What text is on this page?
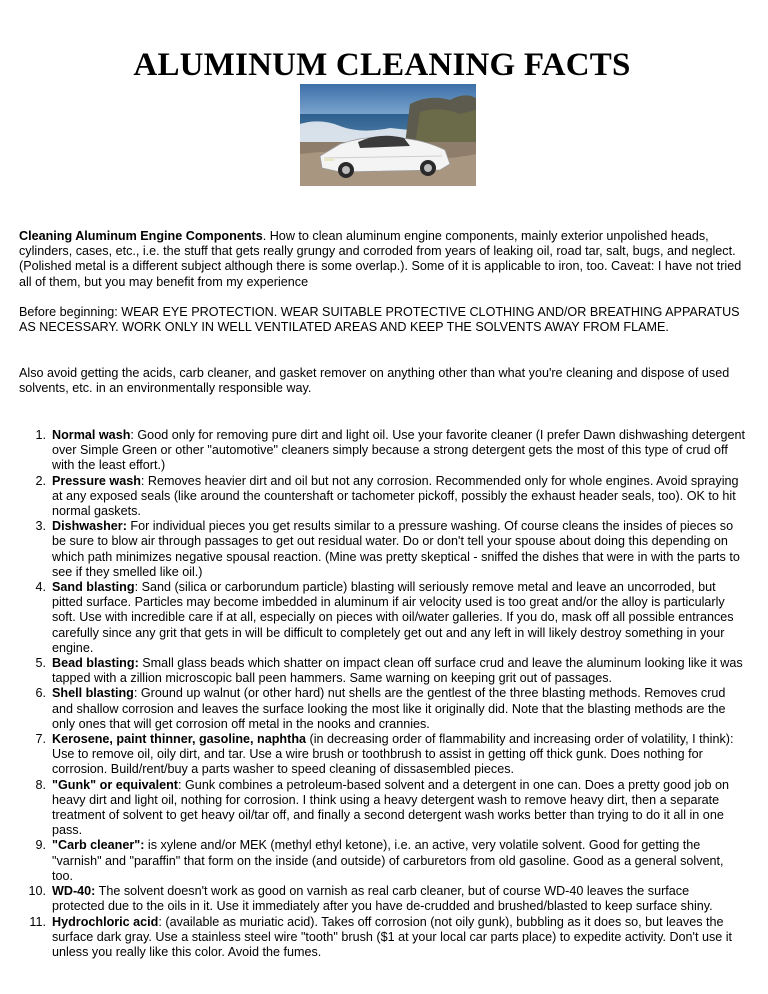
ALUMINUM CLEANING FACTS

Cleaning Aluminum Engine Components. How to clean aluminum engine components, mainly exterior unpolished heads, cylinders, cases, etc., i.e. the stuff that gets really grungy and corroded from years of leaking oil, road tar, salt, bugs, and neglect. (Polished metal is a different subject although there is some overlap.). Some of it is applicable to iron, too. Caveat: I have not tried all of them, but you may benefit from my experience

Before beginning: WEAR EYE PROTECTION. WEAR SUITABLE PROTECTIVE CLOTHING AND/OR BREATHING APPARATUS AS NECESSARY. WORK ONLY IN WELL VENTILATED AREAS AND KEEP THE SOLVENTS AWAY FROM FLAME.

Also avoid getting the acids, carb cleaner, and gasket remover on anything other than what you're cleaning and dispose of used solvents, etc. in an environmentally responsible way.

1. Normal wash: Good only for removing pure dirt and light oil. Use your favorite cleaner (I prefer Dawn dishwashing detergent over Simple Green or other "automotive" cleaners simply because a strong detergent gets the most of this type of crud off with the least effort.)
2. Pressure wash: Removes heavier dirt and oil but not any corrosion. Recommended only for whole engines. Avoid spraying at any exposed seals (like around the countershaft or tachometer pickoff, possibly the exhaust header seals, too). OK to hit normal gaskets.
3. Dishwasher: For individual pieces you get results similar to a pressure washing. Of course cleans the insides of pieces so be sure to blow air through passages to get out residual water. Do or don't tell your spouse about doing this depending on which path minimizes negative spousal reaction. (Mine was pretty skeptical - sniffed the dishes that were in with the parts to see if they smelled like oil.)
4. Sand blasting: Sand (silica or carborundum particle) blasting will seriously remove metal and leave an uncorroded, but pitted surface. Particles may become imbedded in aluminum if air velocity used is too great and/or the alloy is particularly soft. Use with incredible care if at all, especially on pieces with oil/water galleries. If you do, mask off all possible entrances carefully since any grit that gets in will be difficult to completely get out and any left in will likely destroy something in your engine.
5. Bead blasting: Small glass beads which shatter on impact clean off surface crud and leave the aluminum looking like it was tapped with a zillion microscopic ball peen hammers. Same warning on keeping grit out of passages.
6. Shell blasting: Ground up walnut (or other hard) nut shells are the gentlest of the three blasting methods. Removes crud and shallow corrosion and leaves the surface looking the most like it originally did. Note that the blasting methods are the only ones that will get corrosion off metal in the nooks and crannies.
7. Kerosene, paint thinner, gasoline, naphtha (in decreasing order of flammability and increasing order of volatility, I think): Use to remove oil, oily dirt, and tar. Use a wire brush or toothbrush to assist in getting off thick gunk. Does nothing for corrosion. Build/rent/buy a parts washer to speed cleaning of dissasembled pieces.
8. "Gunk" or equivalent: Gunk combines a petroleum-based solvent and a detergent in one can. Does a pretty good job on heavy dirt and light oil, nothing for corrosion. I think using a heavy detergent wash to remove heavy dirt, then a separate treatment of solvent to get heavy oil/tar off, and finally a second detergent wash works better than trying to do it all in one pass.
9. "Carb cleaner": is xylene and/or MEK (methyl ethyl ketone), i.e. an active, very volatile solvent. Good for getting the "varnish" and "paraffin" that form on the inside (and outside) of carburetors from old gasoline. Good as a general solvent, too.
10. WD-40: The solvent doesn't work as good on varnish as real carb cleaner, but of course WD-40 leaves the surface protected due to the oils in it. Use it immediately after you have de-crudded and brushed/blasted to keep surface shiny.
11. Hydrochloric acid: (available as muriatic acid). Takes off corrosion (not oily gunk), bubbling as it does so, but leaves the surface dark gray. Use a stainless steel wire "tooth" brush ($1 at your local car parts place) to expedite activity. Don't use it unless you really like this color. Avoid the fumes.
